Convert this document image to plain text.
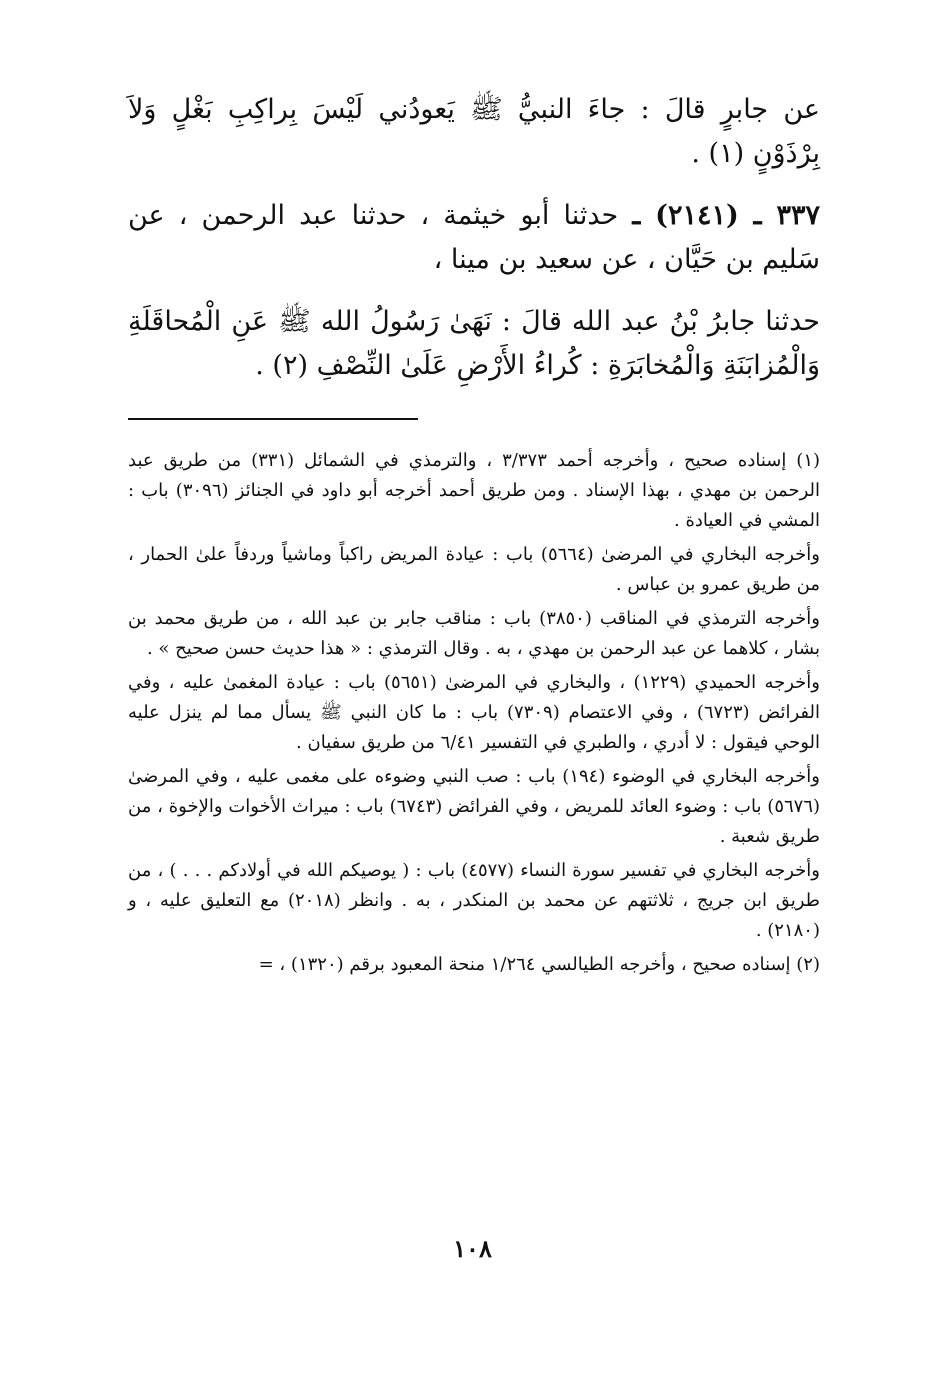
عن جابرٍ قالَ : جاءَ النبيُّ ﷺ يَعودُني لَيْسَ بِراكِبِ بَغْلٍ وَلاَ بِرْذَوْنٍ (١) .

٣٣٧ ـ (٢١٤١) ـ حدثنا أبو خيثمة ، حدثنا عبد الرحمن ، عن سَليم بن حَيَّان ، عن سعيد بن مينا ،

حدثنا جابرُ بْنُ عبد الله قالَ : نَهَىٰ رَسُولُ الله ﷺ عَنِ الْمُحاقَلَةِ وَالْمُزابَنَةِ وَالْمُخابَرَةِ : كُراءُ الأَرْضِ عَلَىٰ النِّصْفِ (٢) .

(١) إسناده صحيح ، وأخرجه أحمد ٣/٣٧٣ ، والترمذي في الشمائل (٣٣١) من طريق عبد الرحمن بن مهدي ، بهذا الإسناد . ومن طريق أحمد أخرجه أبو داود في الجنائز (٣٠٩٦) باب : المشي في العيادة .

وأخرجه البخاري في المرضىٰ (٥٦٦٤) باب : عيادة المريض راكباً وماشياً وردفاً علىٰ الحمار ، من طريق عمرو بن عباس .

وأخرجه الترمذي في المناقب (٣٨٥٠) باب : مناقب جابر بن عبد الله ، من طريق محمد بن بشار ، كلاهما عن عبد الرحمن بن مهدي ، به . وقال الترمذي : « هذا حديث حسن صحيح » .

وأخرجه الحميدي (١٢٢٩) ، والبخاري في المرضىٰ (٥٦٥١) باب : عيادة المغمىٰ عليه ، وفي الفرائض (٦٧٢٣) ، وفي الاعتصام (٧٣٠٩) باب : ما كان النبي ﷺ يسأل مما لم ينزل عليه الوحي فيقول : لا أدري ، والطبري في التفسير ٦/٤١ من طريق سفيان .

وأخرجه البخاري في الوضوء (١٩٤) باب : صب النبي وضوءه على مغمى عليه ، وفي المرضىٰ (٥٦٧٦) باب : وضوء العائد للمريض ، وفي الفرائض (٦٧٤٣) باب : ميراث الأخوات والإخوة ، من طريق شعبة .

وأخرجه البخاري في تفسير سورة النساء (٤٥٧٧) باب : ( يوصيكم الله في أولادكم . . . ) ، من طريق ابن جريج ، ثلاثتهم عن محمد بن المنكدر ، به . وانظر (٢٠١٨) مع التعليق عليه ، و (٢١٨٠) .

(٢) إسناده صحيح ، وأخرجه الطيالسي ١/٢٦٤ منحة المعبود برقم (١٣٢٠) ، =

١٠٨
